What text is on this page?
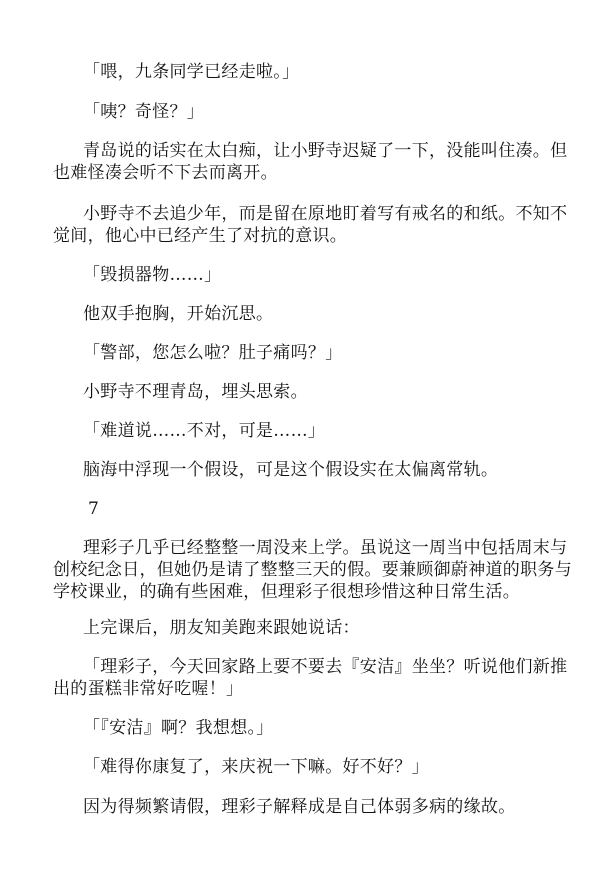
「喂，九条同学已经走啦。」

「咦？奇怪？」

青岛说的话实在太白痴，让小野寺迟疑了一下，没能叫住凑。但也难怪凑会听不下去而离开。

小野寺不去追少年，而是留在原地盯着写有戒名的和纸。不知不觉间，他心中已经产生了对抗的意识。

「毁损器物……」

他双手抱胸，开始沉思。

「警部，您怎么啦？肚子痛吗？」

小野寺不理青岛，埋头思索。

「难道说……不对，可是……」

脑海中浮现一个假设，可是这个假设实在太偏离常轨。

7

理彩子几乎已经整整一周没来上学。虽说这一周当中包括周末与创校纪念日，但她仍是请了整整三天的假。要兼顾御蔚神道的职务与学校课业，的确有些困难，但理彩子很想珍惜这种日常生活。

上完课后，朋友知美跑来跟她说话：

「理彩子，今天回家路上要不要去『安洁』坐坐？听说他们新推出的蛋糕非常好吃喔！」

「『安洁』啊？我想想。」

「难得你康复了，来庆祝一下嘛。好不好？」

因为得频繁请假，理彩子解释成是自己体弱多病的缘故。
